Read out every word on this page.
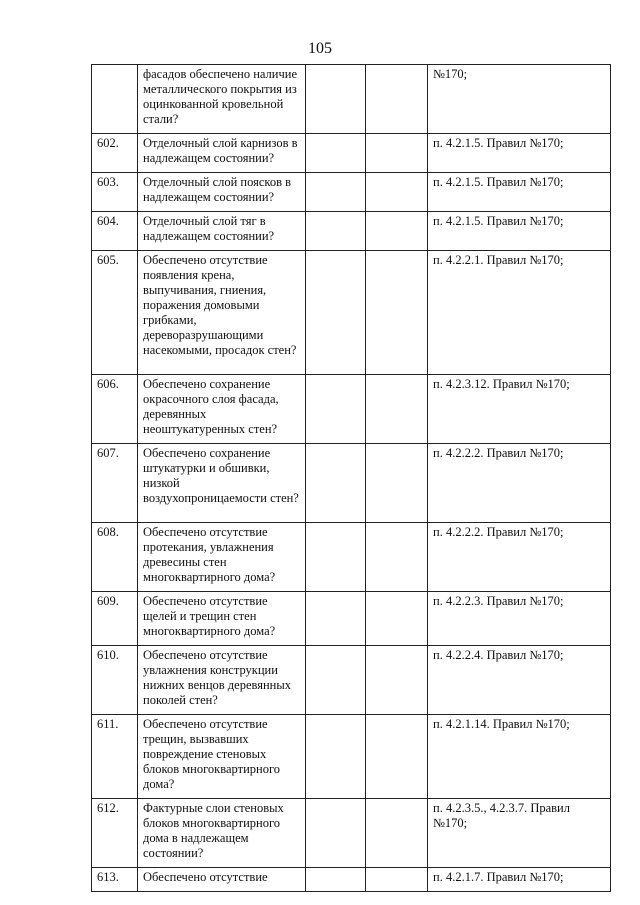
105
	фасадов обеспечено наличие металлического покрытия из оцинкованной кровельной стали?			№170;
602.	Отделочный слой карнизов в надлежащем состоянии?			п. 4.2.1.5. Правил №170;
603.	Отделочный слой поясков в надлежащем состоянии?			п. 4.2.1.5. Правил №170;
604.	Отделочный слой тяг в надлежащем состоянии?			п. 4.2.1.5. Правил №170;
605.	Обеспечено отсутствие появления крена, выпучивания, гниения, поражения домовыми грибками, дереворазрушающими насекомыми, просадок стен?			п. 4.2.2.1. Правил №170;
606.	Обеспечено сохранение окрасочного слоя фасада, деревянных неоштукатуренных стен?			п. 4.2.3.12. Правил №170;
607.	Обеспечено сохранение штукатурки и обшивки, низкой воздухопроницаемости стен?			п. 4.2.2.2. Правил №170;
608.	Обеспечено отсутствие протекания, увлажнения древесины стен многоквартирного дома?			п. 4.2.2.2. Правил №170;
609.	Обеспечено отсутствие щелей и трещин стен многоквартирного дома?			п. 4.2.2.3. Правил №170;
610.	Обеспечено отсутствие увлажнения конструкции нижних венцов деревянных поколей стен?			п. 4.2.2.4. Правил №170;
611.	Обеспечено отсутствие трещин, вызвавших повреждение стеновых блоков многоквартирного дома?			п. 4.2.1.14. Правил №170;
612.	Фактурные слои стеновых блоков многоквартирного дома в надлежащем состоянии?			п. 4.2.3.5., 4.2.3.7. Правил №170;
613.	Обеспечено отсутствие			п. 4.2.1.7. Правил №170;
